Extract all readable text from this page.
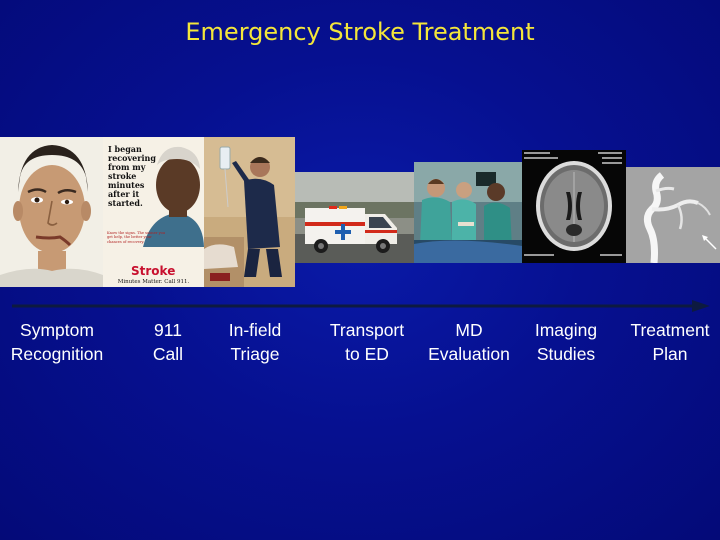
Emergency Stroke Treatment
I began recovering from my stroke minutes after it started.
Know the signs. The sooner you get help, the better your chances of recovery.
Stroke
Minutes Matter. Call 911.
Symptom
Recognition
911
Call
In-field
Triage
Transport
to ED
MD
Evaluation
Imaging
Studies
Treatment
Plan
